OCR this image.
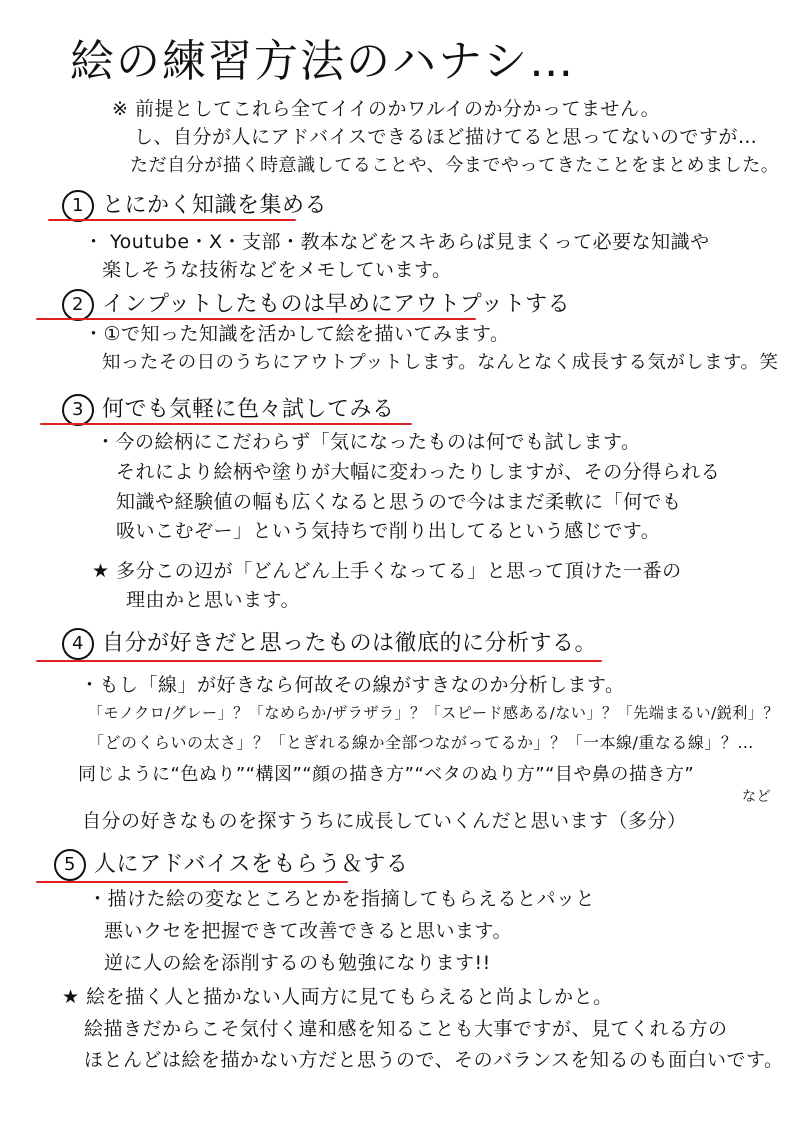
絵の練習方法のハナシ…
※ 前提としてこれら全てイイのかワルイのか分かってません。
し、自分が人にアドバイスできるほど描けてると思ってないのですが…
ただ自分が描く時意識してることや、今までやってきたことをまとめました。
1 とにかく知識を集める
・ Youtube・X・支部・教本などをスキあらば見まくって必要な知識や
楽しそうな技術などをメモしています。
2 インプットしたものは早めにアウトプットする
・①で知った知識を活かして絵を描いてみます。
知ったその日のうちにアウトプットします。なんとなく成長する気がします。笑
3 何でも気軽に色々試してみる
・今の絵柄にこだわらず「気になったものは何でも試します。
それにより絵柄や塗りが大幅に変わったりしますが、その分得られる
知識や経験値の幅も広くなると思うので今はまだ柔軟に「何でも
吸いこむぞー」という気持ちで削り出してるという感じです。
★ 多分この辺が「どんどん上手くなってる」と思って頂けた一番の
理由かと思います。
4 自分が好きだと思ったものは徹底的に分析する。
・もし「線」が好きなら何故その線がすきなのか分析します。
「モノクロ/グレー」？「なめらか/ザラザラ」？「スピード感ある/ない」？「先端まるい/鋭利」？
「どのくらいの太さ」？「とぎれる線か全部つながってるか」？「一本線/重なる線」？…
同じように“色ぬり”“構図”“顔の描き方”“ベタのぬり方”“目や鼻の描き方”
など
自分の好きなものを探すうちに成長していくんだと思います（多分）
5 人にアドバイスをもらう＆する
・描けた絵の変なところとかを指摘してもらえるとパッと
悪いクセを把握できて改善できると思います。
逆に人の絵を添削するのも勉強になります!!
★ 絵を描く人と描かない人両方に見てもらえると尚よしかと。
絵描きだからこそ気付く違和感を知ることも大事ですが、見てくれる方の
ほとんどは絵を描かない方だと思うので、そのバランスを知るのも面白いです。
